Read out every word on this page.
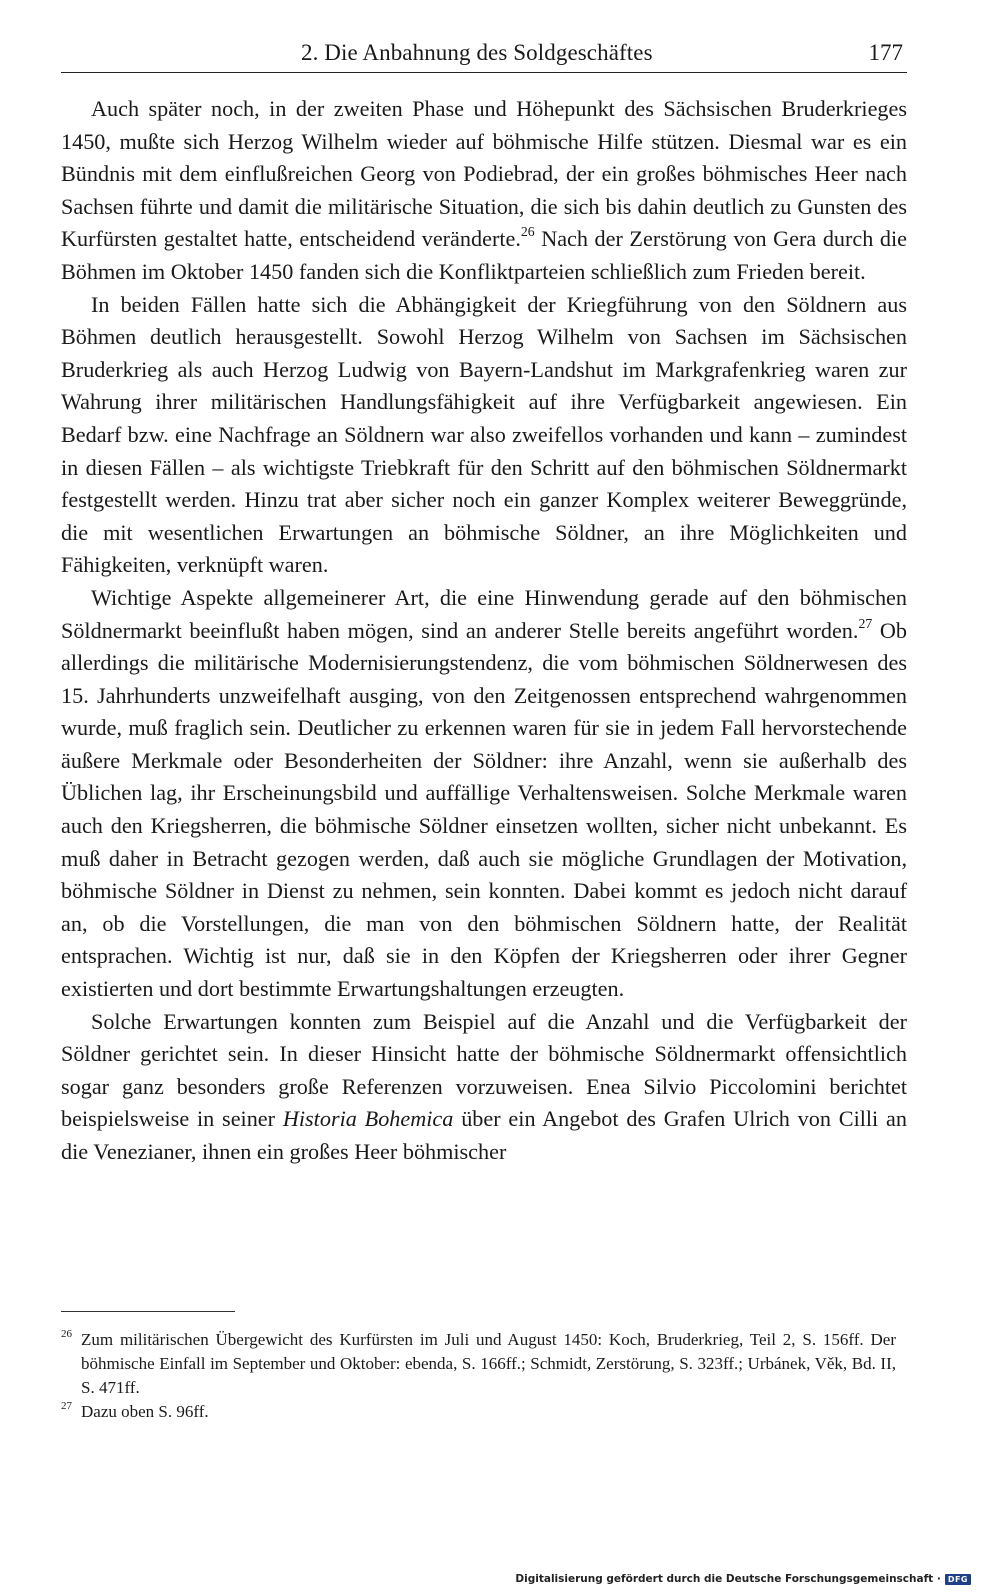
2. Die Anbahnung des Soldgeschäftes	177

Auch später noch, in der zweiten Phase und Höhepunkt des Sächsischen Bruderkrieges 1450, mußte sich Herzog Wilhelm wieder auf böhmische Hilfe stützen. Diesmal war es ein Bündnis mit dem einflußreichen Georg von Podiebrad, der ein großes böhmisches Heer nach Sachsen führte und damit die militärische Situation, die sich bis dahin deutlich zu Gunsten des Kurfürsten gestaltet hatte, entscheidend veränderte.$^{26}$ Nach der Zerstörung von Gera durch die Böhmen im Oktober 1450 fanden sich die Konfliktparteien schließlich zum Frieden bereit.

In beiden Fällen hatte sich die Abhängigkeit der Kriegführung von den Söldnern aus Böhmen deutlich herausgestellt. Sowohl Herzog Wilhelm von Sachsen im Sächsischen Bruderkrieg als auch Herzog Ludwig von Bayern-Landshut im Markgrafenkrieg waren zur Wahrung ihrer militärischen Handlungsfähigkeit auf ihre Verfügbarkeit angewiesen. Ein Bedarf bzw. eine Nachfrage an Söldnern war also zweifellos vorhanden und kann – zumindest in diesen Fällen – als wichtigste Triebkraft für den Schritt auf den böhmischen Söldnermarkt festgestellt werden. Hinzu trat aber sicher noch ein ganzer Komplex weiterer Beweggründe, die mit wesentlichen Erwartungen an böhmische Söldner, an ihre Möglichkeiten und Fähigkeiten, verknüpft waren.

Wichtige Aspekte allgemeinerer Art, die eine Hinwendung gerade auf den böhmischen Söldnermarkt beeinflußt haben mögen, sind an anderer Stelle bereits angeführt worden.$^{27}$ Ob allerdings die militärische Modernisierungstendenz, die vom böhmischen Söldnerwesen des 15. Jahrhunderts unzweifelhaft ausging, von den Zeitgenossen entsprechend wahrgenommen wurde, muß fraglich sein. Deutlicher zu erkennen waren für sie in jedem Fall hervorstechende äußere Merkmale oder Besonderheiten der Söldner: ihre Anzahl, wenn sie außerhalb des Üblichen lag, ihr Erscheinungsbild und auffällige Verhaltensweisen. Solche Merkmale waren auch den Kriegsherren, die böhmische Söldner einsetzen wollten, sicher nicht unbekannt. Es muß daher in Betracht gezogen werden, daß auch sie mögliche Grundlagen der Motivation, böhmische Söldner in Dienst zu nehmen, sein konnten. Dabei kommt es jedoch nicht darauf an, ob die Vorstellungen, die man von den böhmischen Söldnern hatte, der Realität entsprachen. Wichtig ist nur, daß sie in den Köpfen der Kriegsherren oder ihrer Gegner existierten und dort bestimmte Erwartungshaltungen erzeugten.

Solche Erwartungen konnten zum Beispiel auf die Anzahl und die Verfügbarkeit der Söldner gerichtet sein. In dieser Hinsicht hatte der böhmische Söldnermarkt offensichtlich sogar ganz besonders große Referenzen vorzuweisen. Enea Silvio Piccolomini berichtet beispielsweise in seiner Historia Bohemica über ein Angebot des Grafen Ulrich von Cilli an die Venezianer, ihnen ein großes Heer böhmischer

26 Zum militärischen Übergewicht des Kurfürsten im Juli und August 1450: Koch, Bruderkrieg, Teil 2, S. 156ff. Der böhmische Einfall im September und Oktober: ebenda, S. 166ff.; Schmidt, Zerstörung, S. 323ff.; Urbánek, Věk, Bd. II, S. 471ff.

27 Dazu oben S. 96ff.

Digitalisierung gefördert durch die Deutsche Forschungsgemeinschaft · DFG
